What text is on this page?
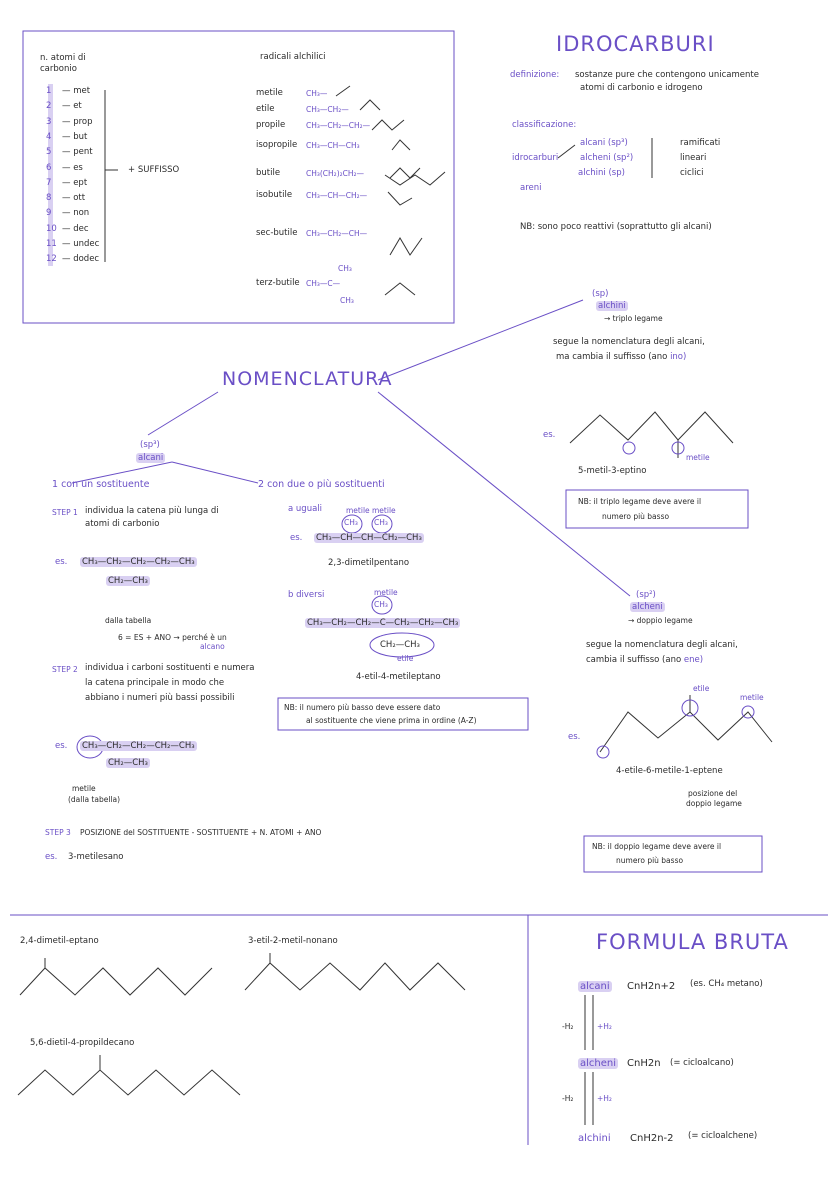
n. atomi di carbonio
1 — met
2 — et
3 — prop
4 — but
5 — pent
6 — es
7 — ept
8 — ott
9 — non
10 — dec
11 — undec
12 — dodec
+ SUFFISSO
radicali alchilici
metile	CH₃—
etile	CH₃—CH₂—
propile	CH₃—CH₂—CH₂—
isopropile CH₃—CH—CH₃
butile	CH₃(CH₂)₂CH₂—
isobutile CH₃—CH—CH₂—
sec-butile CH₃—CH₂—CH—
terz-butile CH₃—C—
CH₃
CH₃
IDROCARBURI
definizione: sostanze pure che contengono unicamente
atomi di carbonio e idrogeno
classificazione:
idrocarburi
alcani (sp³)
alcheni (sp²)
alchini (sp)
areni
ramificati
lineari
ciclici
NB: sono poco reattivi (soprattutto gli alcani)
NOMENCLATURA
(sp³)
alcani
1 con un sostituente
STEP 1 individua la catena più lunga di
atomi di carbonio
es. CH₃—CH₂—CH₂—CH₂—CH₃
CH₂—CH₃
dalla tabella
6 = ES + ANO → perché è un
alcano
STEP 2 individua i carboni sostituenti e numera
la catena principale in modo che
abbiano i numeri più bassi possibili
es. CH₃—CH₂—CH₂—CH₂—CH₃
CH₂—CH₃
metile
(dalla tabella)
STEP 3 POSIZIONE del SOSTITUENTE - SOSTITUENTE + N. ATOMI + ANO
es. 3-metilesano
2 con due o più sostituenti
a uguali	metile metile
CH₃ CH₃
es. CH₃—CH—CH—CH₂—CH₃
2,3-dimetilpentano
b diversi	metile
CH₃
CH₃—CH₂—CH₂—C—CH₂—CH₂—CH₃
CH₂—CH₃
etile
4-etil-4-metileptano
NB: il numero più basso deve essere dato
al sostituente che viene prima in ordine (A-Z)
(sp)
alchini
→ triplo legame
segue la nomenclatura degli alcani,
ma cambia il suffisso (ano ino)
es.
metile
5-metil-3-eptino
NB: il triplo legame deve avere il
numero più basso
(sp²)
alcheni
→ doppio legame
segue la nomenclatura degli alcani,
cambia il suffisso (ano ene)
etile
metile
es.
4-etile-6-metile-1-eptene
posizione del
doppio legame
NB: il doppio legame deve avere il
numero più basso
2,4-dimetil-eptano	3-etil-2-metil-nonano
5,6-dietil-4-propildecano
FORMULA BRUTA
alcani CnH2n+2 (es. CH₄ metano)
-H₂	+H₂
alcheni CnH2n (= cicloalcano)
-H₂	+H₂
alchini CnH2n-2 (= cicloalchene)
